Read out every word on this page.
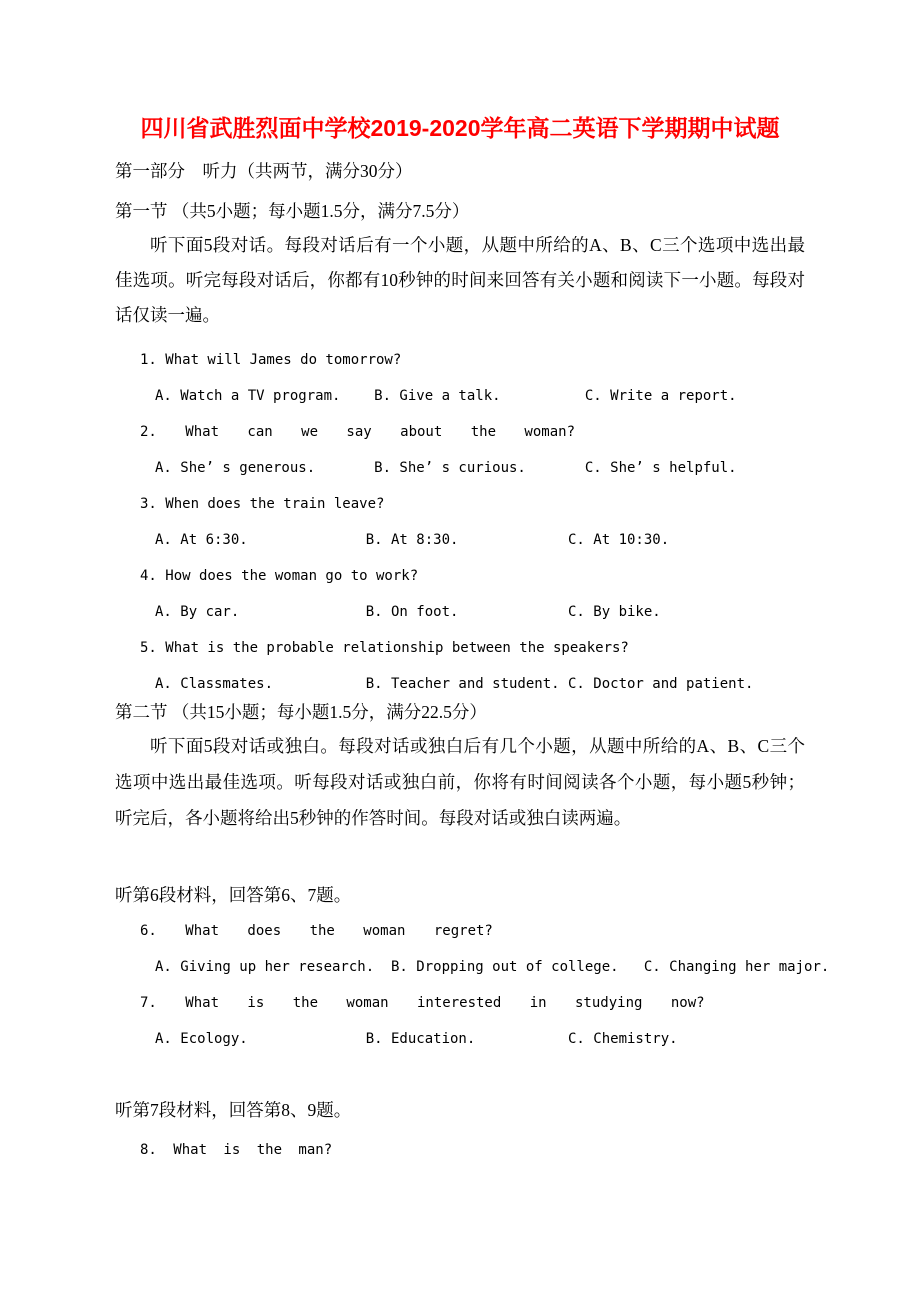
四川省武胜烈面中学校2019-2020学年高二英语下学期期中试题
第一部分　听力（共两节，满分30分）
第一节 （共5小题；每小题1.5分，满分7.5分）

听下面5段对话。每段对话后有一个小题，从题中所给的A、B、C三个选项中选出最佳选项。听完每段对话后，你都有10秒钟的时间来回答有关小题和阅读下一小题。每段对话仅读一遍。

1. What will James do tomorrow?
A. Watch a TV program.    B. Give a talk.          C. Write a report.
2. What can we say about the woman?
A. She’ s generous.       B. She’ s curious.       C. She’ s helpful.
3. When does the train leave?
A. At 6:30.              B. At 8:30.             C. At 10:30.
4. How does the woman go to work?
A. By car.               B. On foot.             C. By bike.
5. What is the probable relationship between the speakers?
A. Classmates.           B. Teacher and student. C. Doctor and patient.
第二节 （共15小题；每小题1.5分，满分22.5分）

听下面5段对话或独白。每段对话或独白后有几个小题，从题中所给的A、B、C三个选项中选出最佳选项。听每段对话或独白前，你将有时间阅读各个小题，每小题5秒钟；听完后，各小题将给出5秒钟的作答时间。每段对话或独白读两遍。

听第6段材料，回答第6、7题。
6. What does the woman regret?
A. Giving up her research.  B. Dropping out of college.   C. Changing her major.
7. What is the woman interested in studying now?
A. Ecology.              B. Education.           C. Chemistry.
听第7段材料，回答第8、9题。
8. What is the man?
